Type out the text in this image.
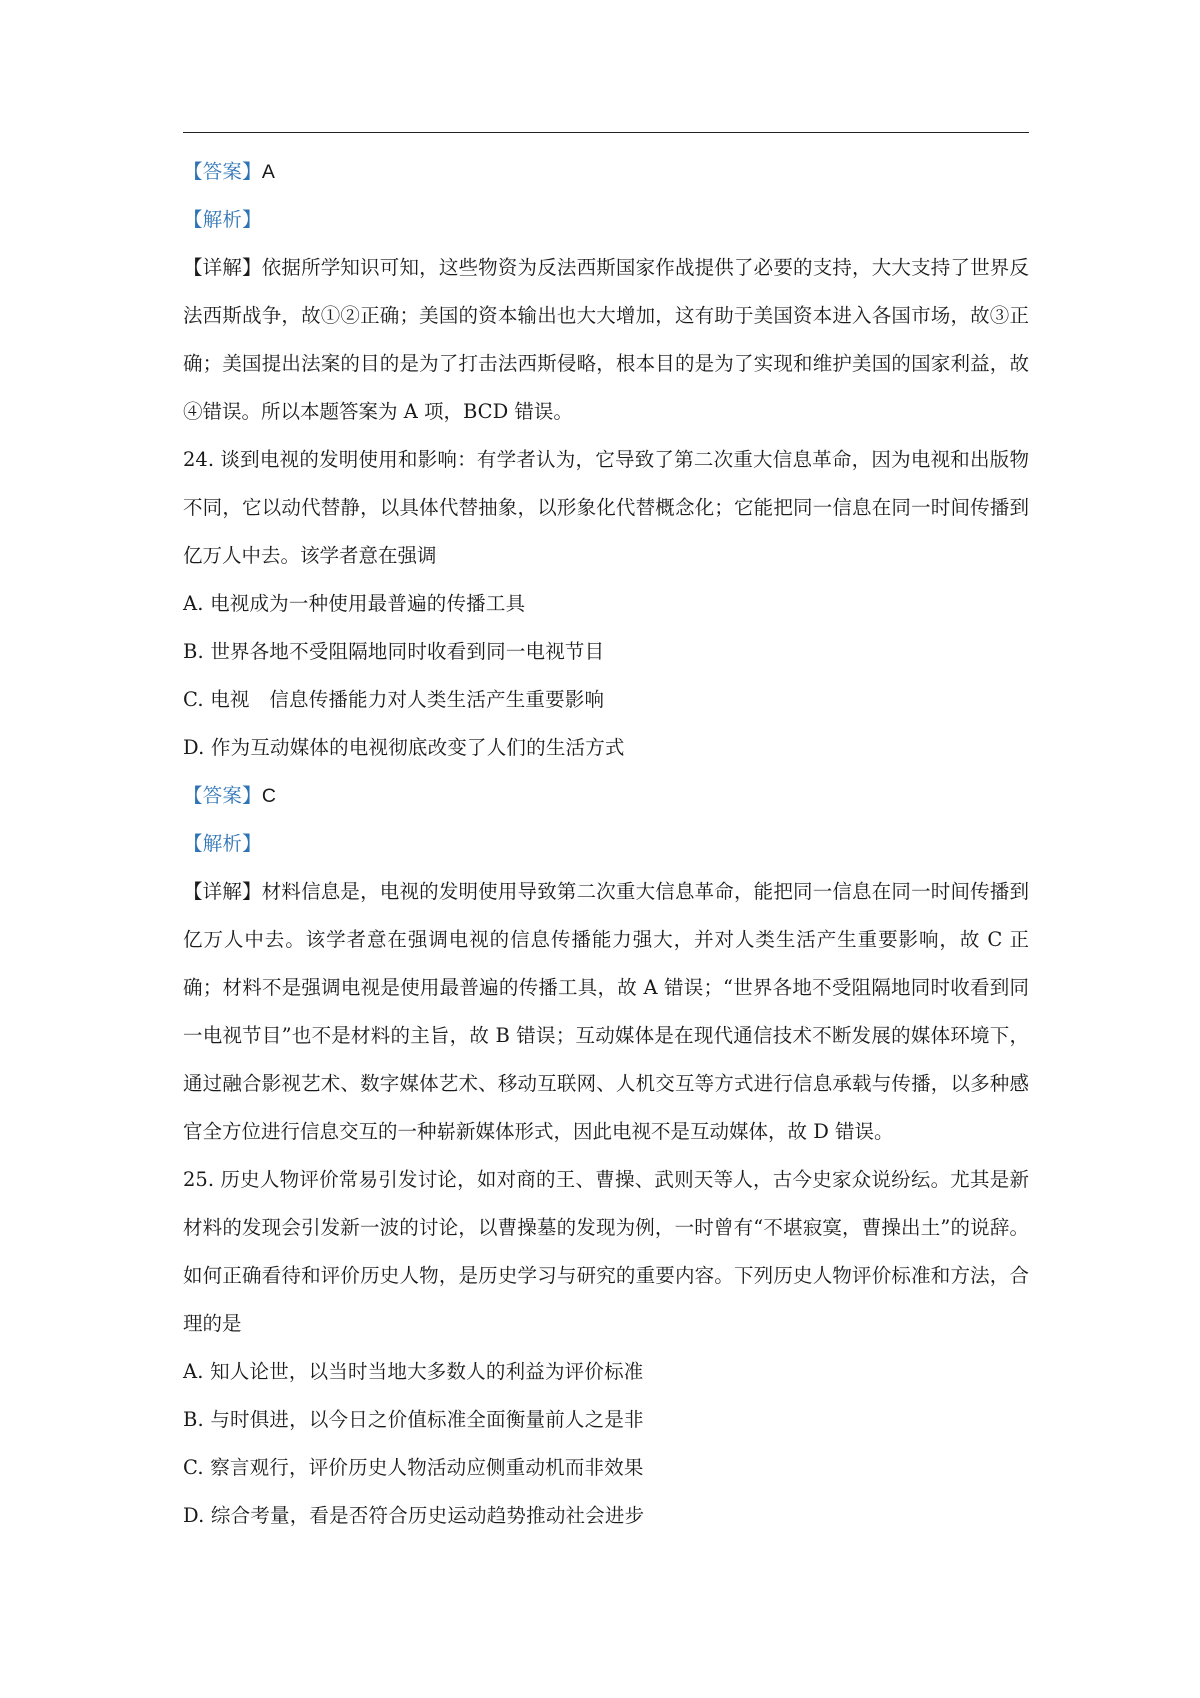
【答案】A
【解析】
【详解】依据所学知识可知，这些物资为反法西斯国家作战提供了必要的支持，大大支持了世界反法西斯战争，故①②正确；美国的资本输出也大大增加，这有助于美国资本进入各国市场，故③正确；美国提出法案的目的是为了打击法西斯侵略，根本目的是为了实现和维护美国的国家利益，故④错误。所以本题答案为 A 项，BCD 错误。
24. 谈到电视的发明使用和影响：有学者认为，它导致了第二次重大信息革命，因为电视和出版物不同，它以动代替静，以具体代替抽象，以形象化代替概念化；它能把同一信息在同一时间传播到亿万人中去。该学者意在强调
A. 电视成为一种使用最普遍的传播工具
B. 世界各地不受阻隔地同时收看到同一电视节目
C. 电视　信息传播能力对人类生活产生重要影响
D. 作为互动媒体的电视彻底改变了人们的生活方式
【答案】C
【解析】
【详解】材料信息是，电视的发明使用导致第二次重大信息革命，能把同一信息在同一时间传播到亿万人中去。该学者意在强调电视的信息传播能力强大，并对人类生活产生重要影响，故 C 正确；材料不是强调电视是使用最普遍的传播工具，故 A 错误；“世界各地不受阻隔地同时收看到同一电视节目”也不是材料的主旨，故 B 错误；互动媒体是在现代通信技术不断发展的媒体环境下，通过融合影视艺术、数字媒体艺术、移动互联网、人机交互等方式进行信息承载与传播，以多种感官全方位进行信息交互的一种崭新媒体形式，因此电视不是互动媒体，故 D 错误。
25. 历史人物评价常易引发讨论，如对商的王、曹操、武则天等人，古今史家众说纷纭。尤其是新材料的发现会引发新一波的讨论，以曹操墓的发现为例，一时曾有“不堪寂寞，曹操出土”的说辞。如何正确看待和评价历史人物，是历史学习与研究的重要内容。下列历史人物评价标准和方法，合理的是
A. 知人论世，以当时当地大多数人的利益为评价标准
B. 与时俱进，以今日之价值标准全面衡量前人之是非
C. 察言观行，评价历史人物活动应侧重动机而非效果
D. 综合考量，看是否符合历史运动趋势推动社会进步
